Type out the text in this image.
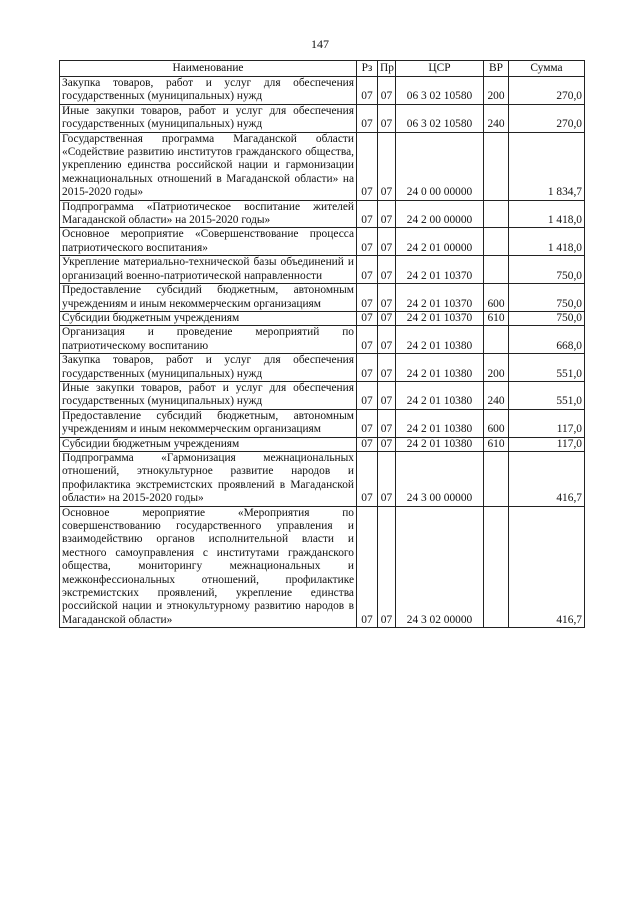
147
Наименование	Рз	Пр	ЦСР	ВР	Сумма
Закупка товаров, работ и услуг для обеспечения государственных (муниципальных) нужд	07	07	06 3 02 10580	200	270,0
Иные закупки товаров, работ и услуг для обеспечения государственных (муниципальных) нужд	07	07	06 3 02 10580	240	270,0
Государственная программа Магаданской области «Содействие развитию институтов гражданского общества, укреплению единства российской нации и гармонизации межнациональных отношений в Магаданской области» на 2015-2020 годы»	07	07	24 0 00 00000		1 834,7
Подпрограмма «Патриотическое воспитание жителей Магаданской области» на 2015-2020 годы»	07	07	24 2 00 00000		1 418,0
Основное мероприятие «Совершенствование процесса патриотического воспитания»	07	07	24 2 01 00000		1 418,0
Укрепление материально-технической базы объединений и организаций военно-патриотической направленности	07	07	24 2 01 10370		750,0
Предоставление субсидий бюджетным, автономным учреждениям и иным некоммерческим организациям	07	07	24 2 01 10370	600	750,0
Субсидии бюджетным учреждениям	07	07	24 2 01 10370	610	750,0
Организация и проведение мероприятий по патриотическому воспитанию	07	07	24 2 01 10380		668,0
Закупка товаров, работ и услуг для обеспечения государственных (муниципальных) нужд	07	07	24 2 01 10380	200	551,0
Иные закупки товаров, работ и услуг для обеспечения государственных (муниципальных) нужд	07	07	24 2 01 10380	240	551,0
Предоставление субсидий бюджетным, автономным учреждениям и иным некоммерческим организациям	07	07	24 2 01 10380	600	117,0
Субсидии бюджетным учреждениям	07	07	24 2 01 10380	610	117,0
Подпрограмма «Гармонизация межнациональных отношений, этнокультурное развитие народов и профилактика экстремистских проявлений в Магаданской области» на 2015-2020 годы»	07	07	24 3 00 00000		416,7
Основное мероприятие «Мероприятия по совершенствованию государственного управления и взаимодействию органов исполнительной власти и местного самоуправления с институтами гражданского общества, мониторингу межнациональных и межконфессиональных отношений, профилактике экстремистских проявлений, укрепление единства российской нации и этнокультурному развитию народов в Магаданской области»	07	07	24 3 02 00000		416,7
